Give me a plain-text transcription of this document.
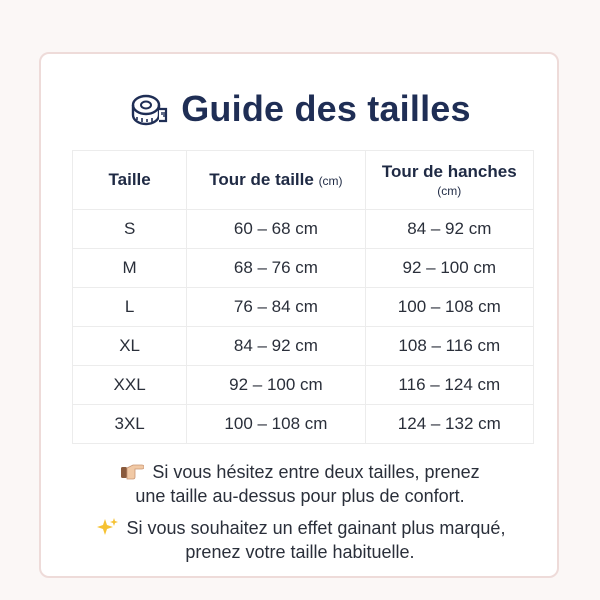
Guide des tailles
Taille	Tour de taille (cm)	Tour de hanches
(cm)

S	60 – 68 cm	84 – 92 cm
M	68 – 76 cm	92 – 100 cm
L	76 – 84 cm	100 – 108 cm
XL	84 – 92 cm	108 – 116 cm
XXL	92 – 100 cm	116 – 124 cm
3XL	100 – 108 cm	124 – 132 cm
Si vous hésitez entre deux tailles, prenez
une taille au-dessus pour plus de confort.
Si vous souhaitez un effet gainant plus marqué,
prenez votre taille habituelle.
